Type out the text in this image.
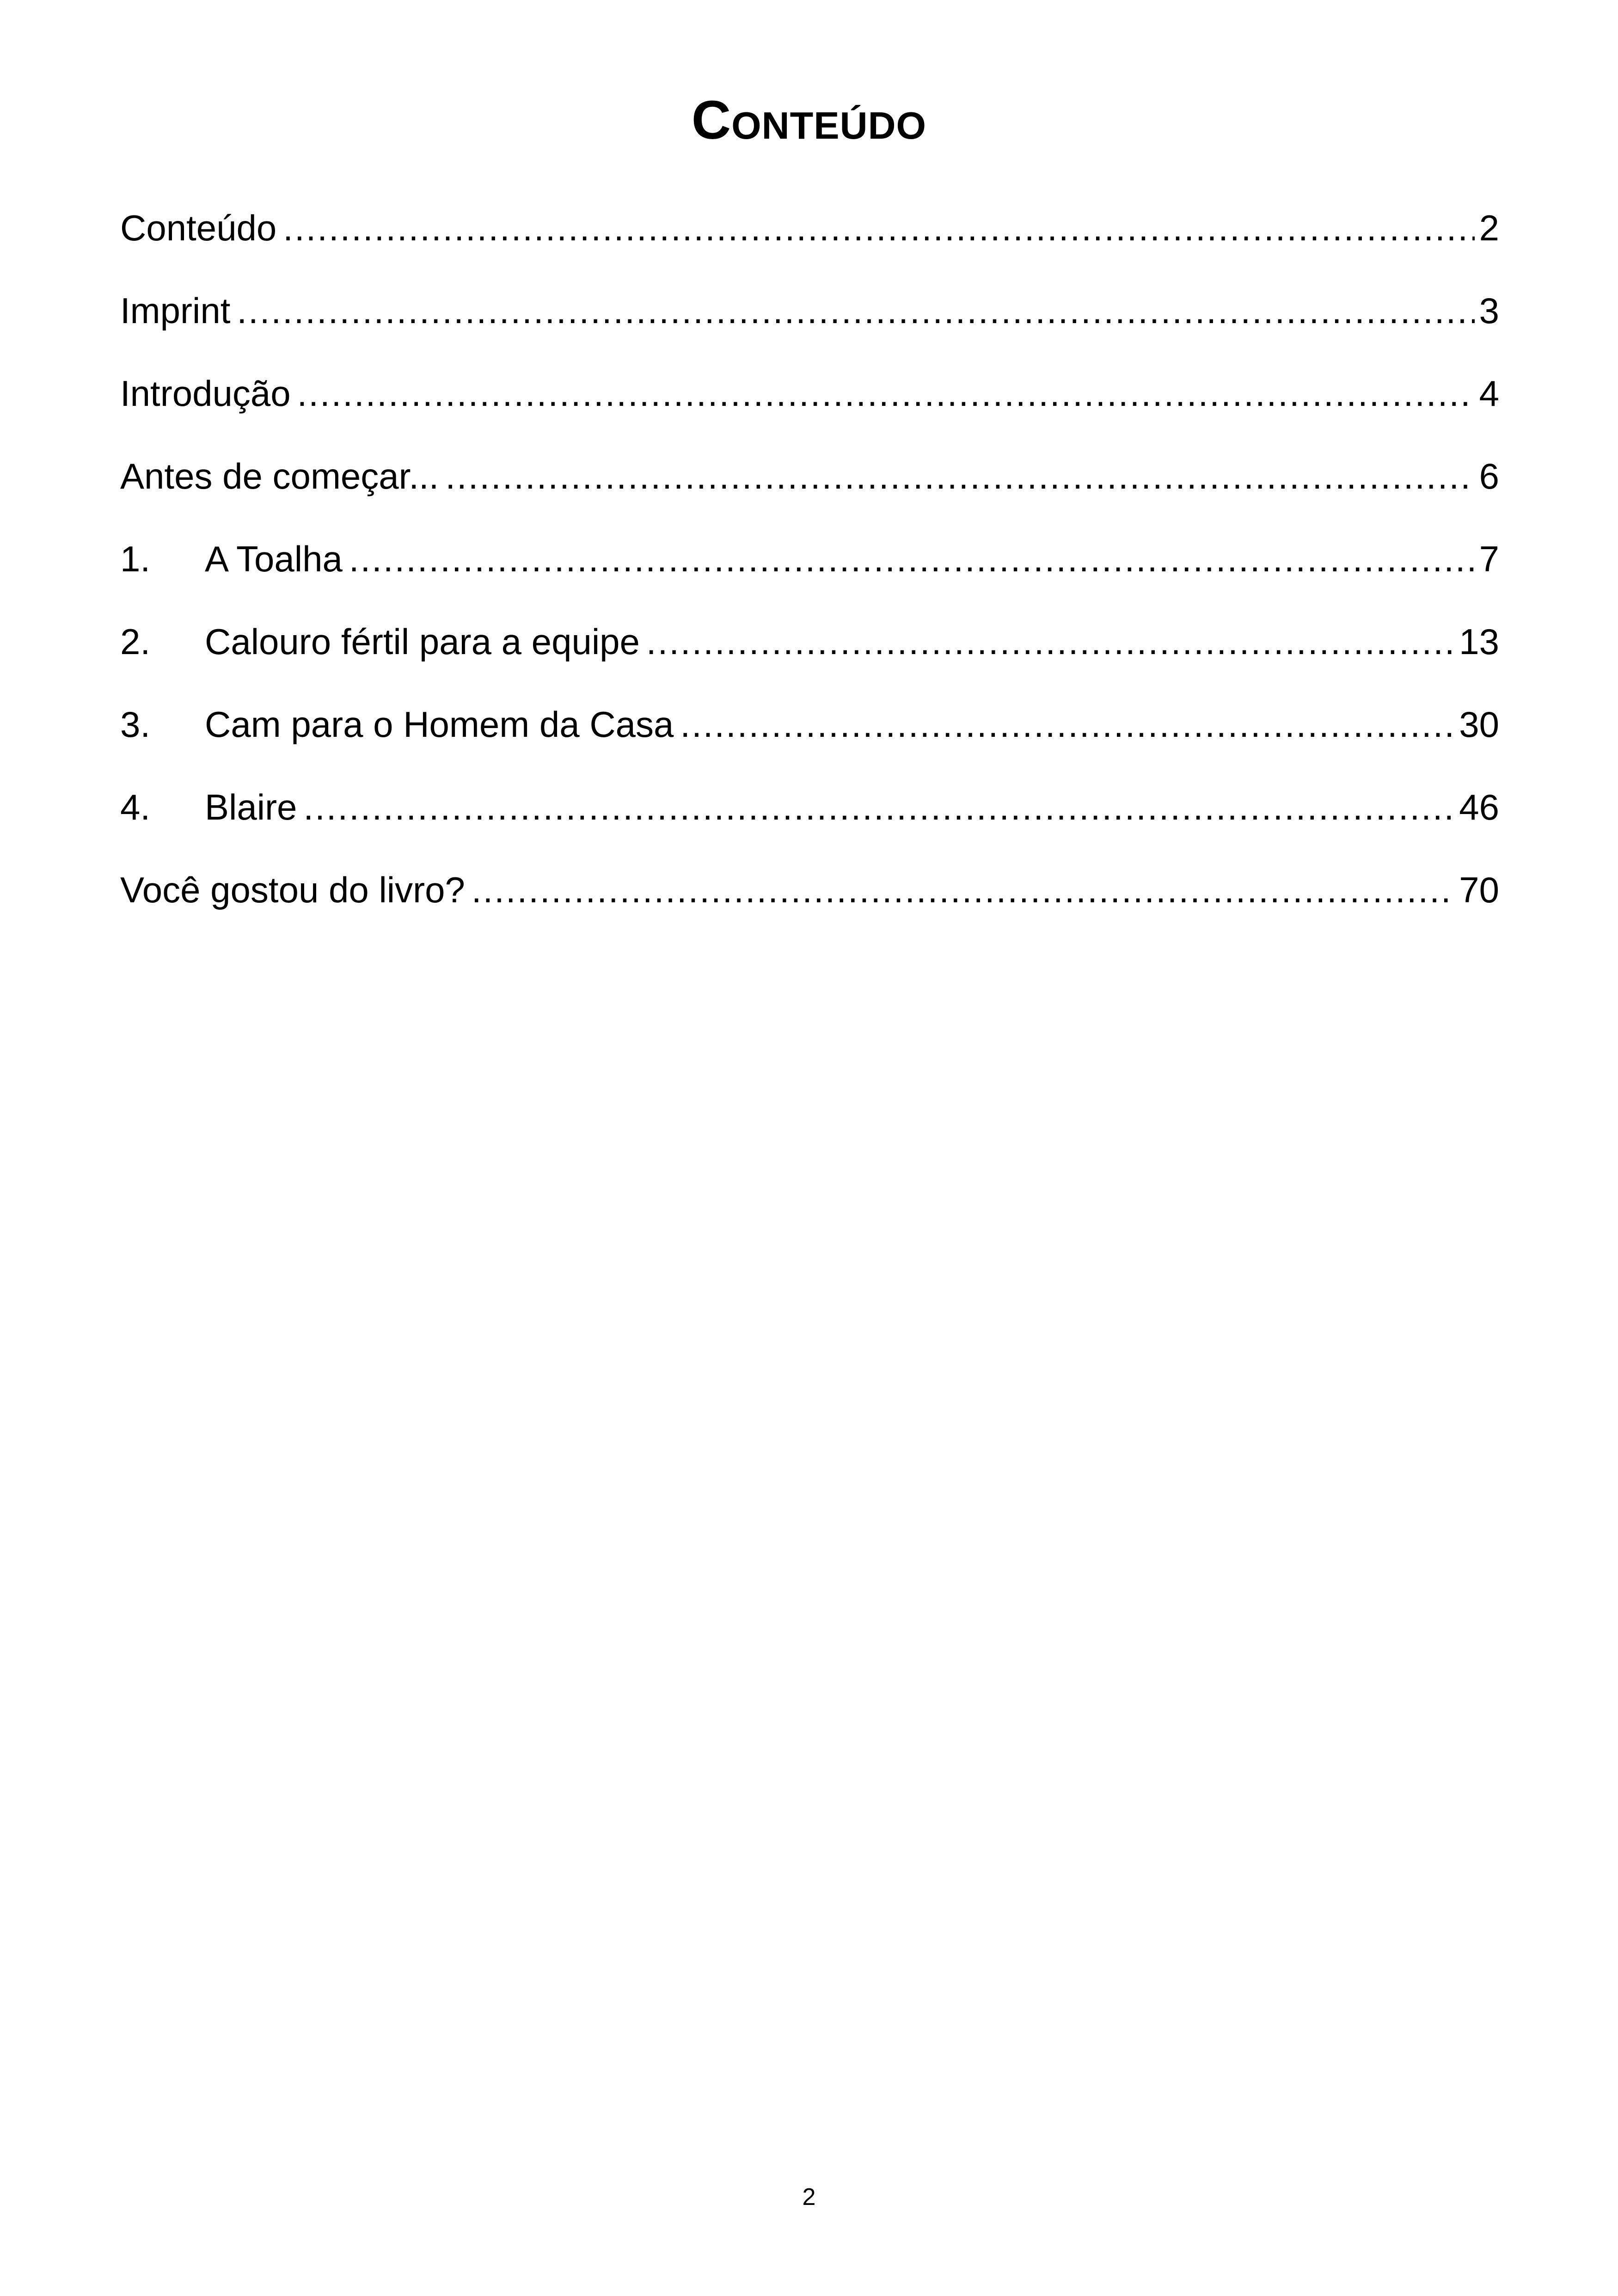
Conteúdo
Conteúdo .....	2
Imprint .....	3
Introdução .....	4
Antes de começar... .....	6
1.	A Toalha .....	7
2.	Calouro fértil para a equipe .....	13
3.	Cam para o Homem da Casa .....	30
4.	Blaire .....	46
Você gostou do livro? .....	70
2
